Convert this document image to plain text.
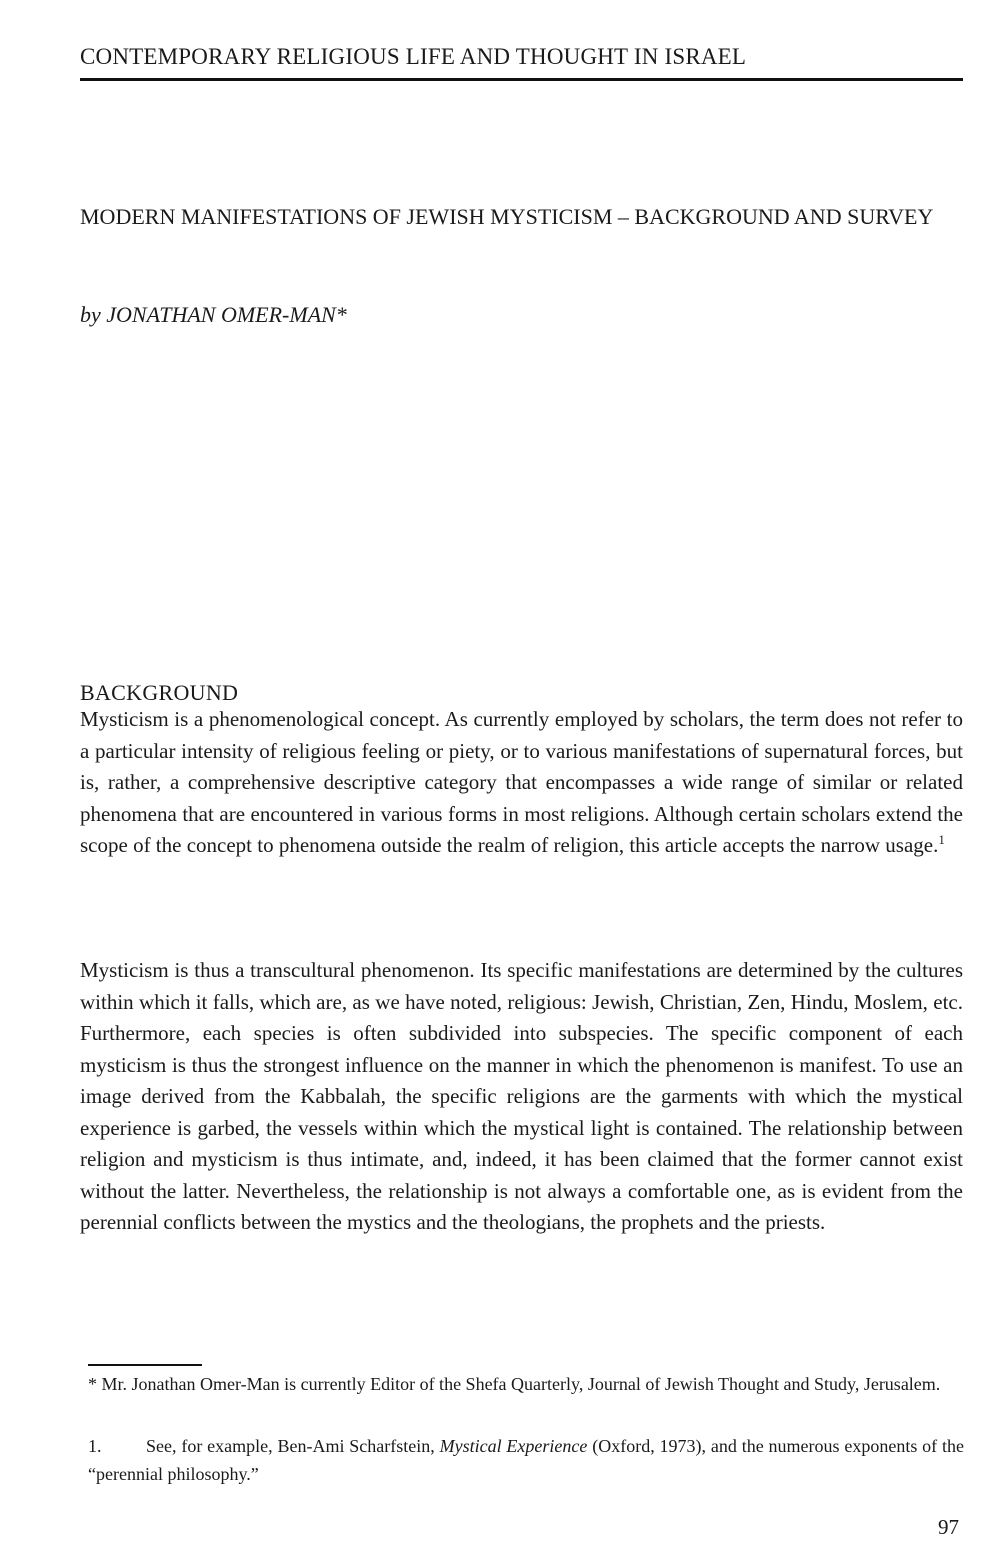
CONTEMPORARY RELIGIOUS LIFE AND THOUGHT IN ISRAEL
MODERN MANIFESTATIONS OF JEWISH MYSTICISM – BACKGROUND AND SURVEY
by JONATHAN OMER-MAN*
BACKGROUND

Mysticism is a phenomenological concept. As currently employed by scholars, the term does not refer to a particular intensity of religious feeling or piety, or to various manifestations of supernatural forces, but is, rather, a comprehensive descriptive category that encompasses a wide range of similar or related phenomena that are encountered in various forms in most religions. Although certain scholars extend the scope of the concept to phenomena outside the realm of religion, this article accepts the narrow usage.$^1$

Mysticism is thus a transcultural phenomenon. Its specific manifestations are determined by the cultures within which it falls, which are, as we have noted, religious: Jewish, Christian, Zen, Hindu, Moslem, etc. Furthermore, each species is often subdivided into subspecies. The specific component of each mysticism is thus the strongest influence on the manner in which the phenomenon is manifest. To use an image derived from the Kabbalah, the specific religions are the garments with which the mystical experience is garbed, the vessels within which the mystical light is contained. The relationship between religion and mysticism is thus intimate, and, indeed, it has been claimed that the former cannot exist without the latter. Nevertheless, the relationship is not always a comfortable one, as is evident from the perennial conflicts between the mystics and the theologians, the prophets and the priests.

* Mr. Jonathan Omer-Man is currently Editor of the Shefa Quarterly, Journal of Jewish Thought and Study, Jerusalem.

1. See, for example, Ben-Ami Scharfstein, Mystical Experience (Oxford, 1973), and the numerous exponents of the “perennial philosophy.”

97
